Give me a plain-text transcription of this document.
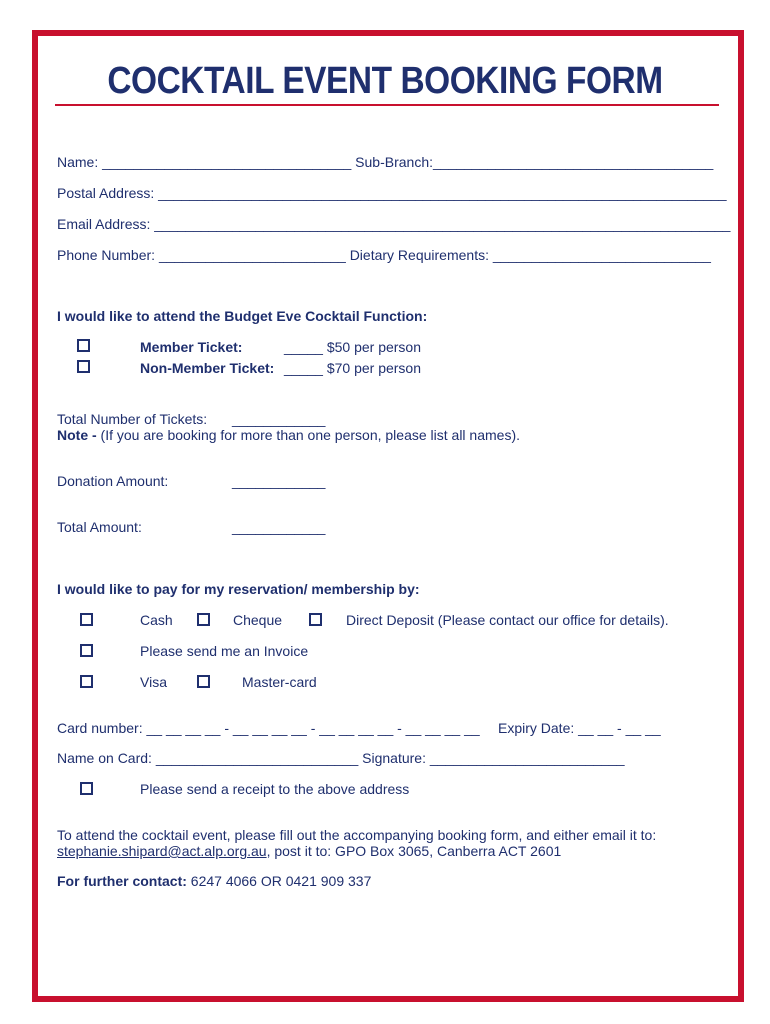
COCKTAIL EVENT BOOKING FORM
Name: ________________________________ Sub-Branch:____________________________________
Postal Address: _________________________________________________________________________
Email Address: __________________________________________________________________________
Phone Number: ________________________ Dietary Requirements: ____________________________
I would like to attend the Budget Eve Cocktail Function:
Member Ticket:	_____ $50 per person
Non-Member Ticket: _____ $70 per person
Total Number of Tickets: ____________
Note - (If you are booking for more than one person, please list all names).
Donation Amount:	____________
Total Amount:	____________
I would like to pay for my reservation/ membership by:
Cash	Cheque	Direct Deposit (Please contact our office for details).
Please send me an Invoice
Visa	Master-card
Card number: __ __ __ __ - __ __ __ __ - __ __ __ __ - __ __ __ __ Expiry Date: __ __ - __ __
Name on Card: __________________________ Signature: _________________________
Please send a receipt to the above address
To attend the cocktail event, please fill out the accompanying booking form, and either email it to:
stephanie.shipard@act.alp.org.au, post it to: GPO Box 3065, Canberra ACT 2601
For further contact: 6247 4066 OR 0421 909 337
